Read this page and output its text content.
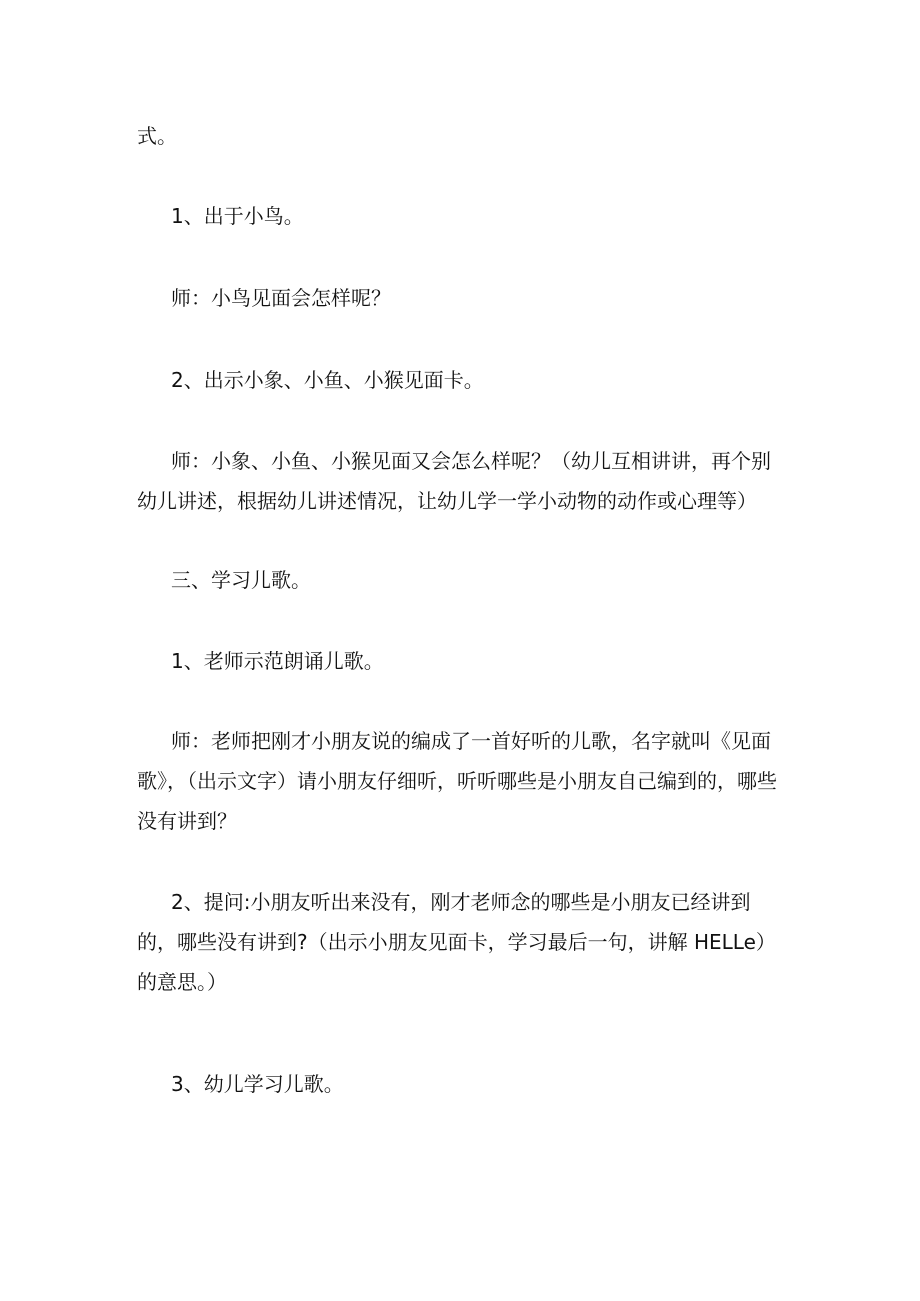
式。

1、出于小鸟。

师：小鸟见面会怎样呢？

2、出示小象、小鱼、小猴见面卡。

师：小象、小鱼、小猴见面又会怎么样呢？（幼儿互相讲讲，再个别幼儿讲述，根据幼儿讲述情况，让幼儿学一学小动物的动作或心理等）

三、学习儿歌。

1、老师示范朗诵儿歌。

师：老师把刚才小朋友说的编成了一首好听的儿歌，名字就叫《见面歌》，（出示文字）请小朋友仔细听，听听哪些是小朋友自己编到的，哪些没有讲到？

2、提问:小朋友听出来没有，刚才老师念的哪些是小朋友已经讲到的，哪些没有讲到?（出示小朋友见面卡，学习最后一句，讲解 HELLe）的意思。）

3、幼儿学习儿歌。
